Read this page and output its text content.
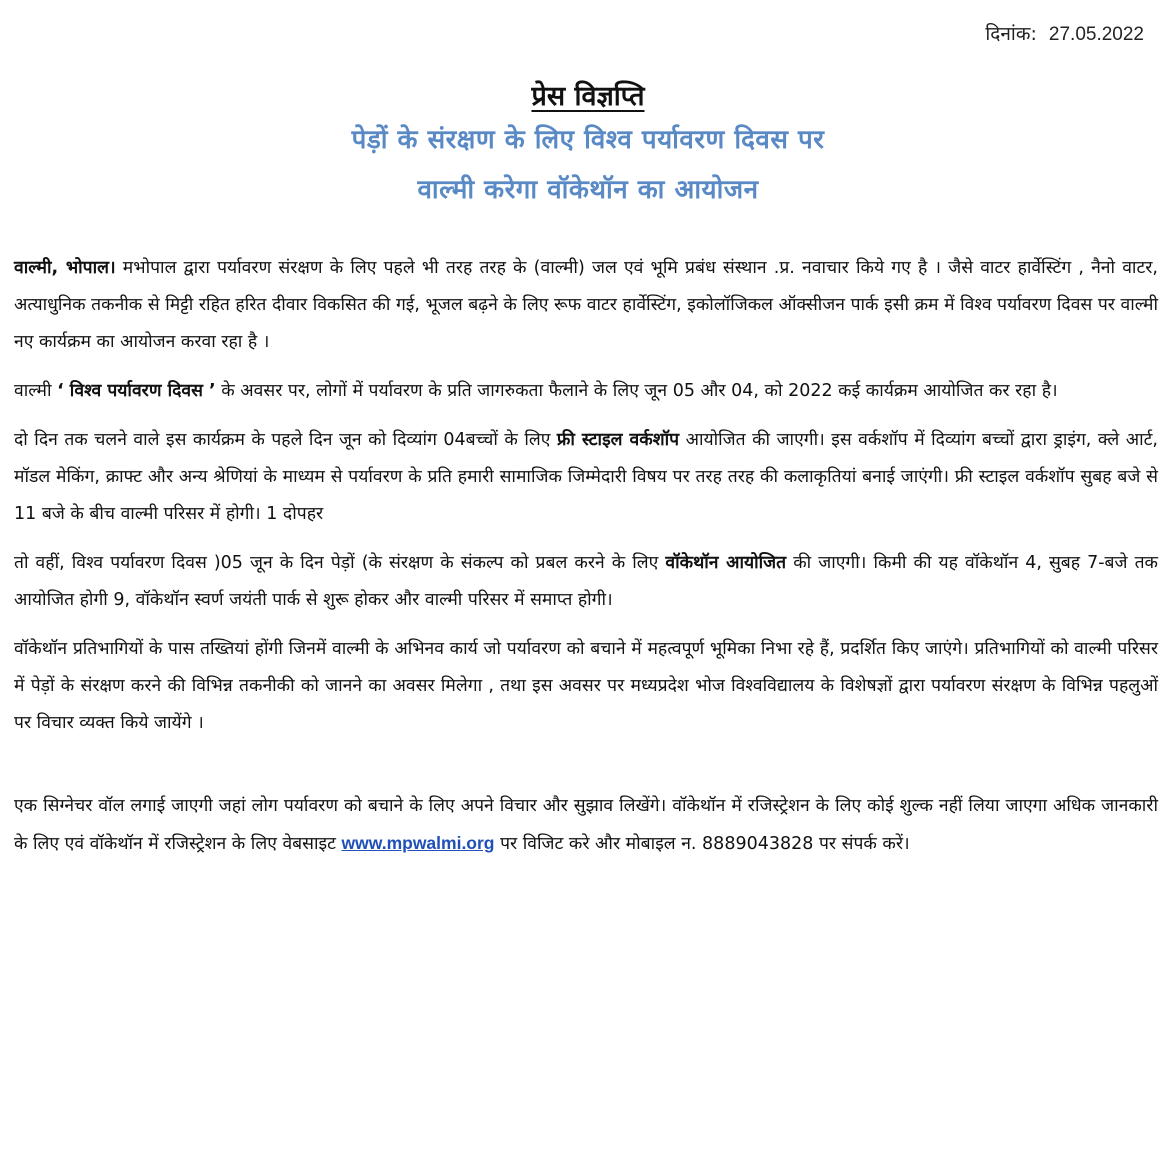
दिनांक: 27.05.2022
प्रेस विज्ञप्ति
पेड़ों के संरक्षण के लिए विश्व पर्यावरण दिवस पर
वाल्मी करेगा वॉकेथॉन का आयोजन

वाल्मी, भोपाल। मभोपाल द्वारा पर्यावरण संरक्षण के लिए पहले भी तरह तरह के (वाल्मी) जल एवं भूमि प्रबंध संस्थान .प्र. नवाचार किये गए है । जैसे वाटर हार्वेस्टिंग , नैनो वाटर, अत्याधुनिक तकनीक से मिट्टी रहित हरित दीवार विकसित की गई, भूजल बढ़ने के लिए रूफ वाटर हार्वेस्टिंग, इकोलॉजिकल ऑक्सीजन पार्क इसी क्रम में विश्व पर्यावरण दिवस पर वाल्मी नए कार्यक्रम का आयोजन करवा रहा है ।

वाल्मी ‘ विश्व पर्यावरण दिवस ’ के अवसर पर, लोगों में पर्यावरण के प्रति जागरुकता फैलाने के लिए जून 05 और 04, को 2022 कई कार्यक्रम आयोजित कर रहा है।

दो दिन तक चलने वाले इस कार्यक्रम के पहले दिन जून को दिव्यांग 04बच्चों के लिए फ्री स्टाइल वर्कशॉप आयोजित की जाएगी। इस वर्कशॉप में दिव्यांग बच्चों द्वारा ड्राइंग, क्ले आर्ट, मॉडल मेकिंग, क्राफ्ट और अन्य श्रेणियां के माध्यम से पर्यावरण के प्रति हमारी सामाजिक जिम्मेदारी विषय पर तरह तरह की कलाकृतियां बनाई जाएंगी। फ्री स्टाइल वर्कशॉप सुबह बजे से 11 बजे के बीच वाल्मी परिसर में होगी। 1 दोपहर

तो वहीं, विश्व पर्यावरण दिवस )05 जून के दिन पेड़ों (के संरक्षण के संकल्प को प्रबल करने के लिए वॉकेथॉन आयोजित की जाएगी। किमी की यह वॉकेथॉन 4, सुबह 7-बजे तक आयोजित होगी 9, वॉकेथॉन स्वर्ण जयंती पार्क से शुरू होकर और वाल्मी परिसर में समाप्त होगी।

वॉकेथॉन प्रतिभागियों के पास तख्तियां होंगी जिनमें वाल्मी के अभिनव कार्य जो पर्यावरण को बचाने में महत्वपूर्ण भूमिका निभा रहे हैं, प्रदर्शित किए जाएंगे। प्रतिभागियों को वाल्मी परिसर में पेड़ों के संरक्षण करने की विभिन्न तकनीकी को जानने का अवसर मिलेगा , तथा इस अवसर पर मध्यप्रदेश भोज विश्वविद्यालय के विशेषज्ञों द्वारा पर्यावरण संरक्षण के विभिन्न पहलुओं पर विचार व्यक्त किये जायेंगे ।

एक सिग्नेचर वॉल लगाई जाएगी जहां लोग पर्यावरण को बचाने के लिए अपने विचार और सुझाव लिखेंगे। वॉकेथॉन में रजिस्ट्रेशन के लिए कोई शुल्क नहीं लिया जाएगा अधिक जानकारी के लिए एवं वॉकेथॉन में रजिस्ट्रेशन के लिए वेबसाइट www.mpwalmi.org पर विजिट करे और मोबाइल न. 8889043828 पर संपर्क करें।
